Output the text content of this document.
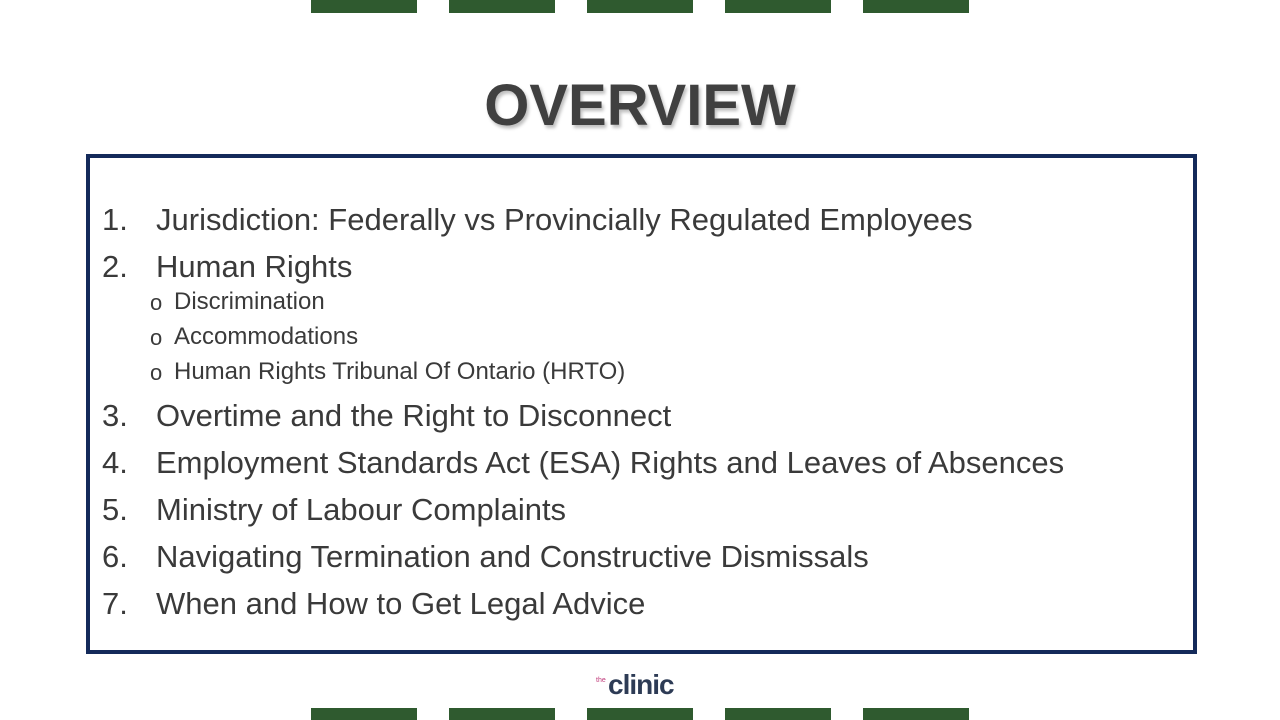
OVERVIEW
1. Jurisdiction: Federally vs Provincially Regulated Employees
2. Human Rights
o Discrimination
o Accommodations
o Human Rights Tribunal Of Ontario (HRTO)
3. Overtime and the Right to Disconnect
4. Employment Standards Act (ESA) Rights and Leaves of Absences
5. Ministry of Labour Complaints
6. Navigating Termination and Constructive Dismissals
7. When and How to Get Legal Advice
the clinic
